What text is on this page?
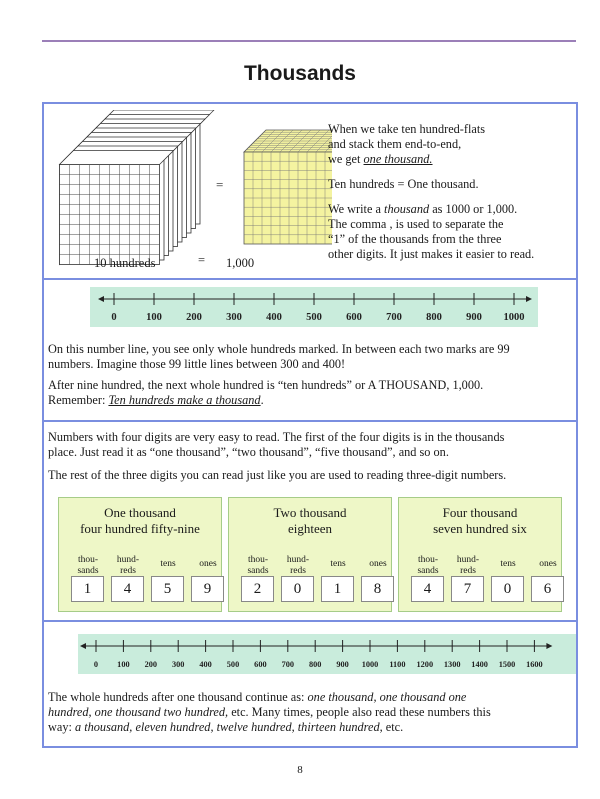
Thousands
=
10 hundreds	= 1,000
When we take ten hundred-flats
and stack them end-to-end,
we get one thousand.
Ten hundreds = One thousand.
We write a thousand as 1000 or 1,000.
The comma , is used to separate the
“1” of the thousands from the three
other digits. It just makes it easier to read.
0	100 200 300 400 500 600 700 800 900 1000
On this number line, you see only whole hundreds marked. In between each two marks are 99
numbers. Imagine those 99 little lines between 300 and 400!
After nine hundred, the next whole hundred is “ten hundreds” or A THOUSAND, 1,000.
Remember: Ten hundreds make a thousand.
Numbers with four digits are very easy to read. The first of the four digits is in the thousands
place. Just read it as “one thousand”, “two thousand”, “five thousand”, and so on.
The rest of the three digits you can read just like you are used to reading three-digit numbers.
One thousand
four hundred fifty-nine
thou-
sands
hund-
reds
tens	ones
1	4	5	9
Two thousand
eighteen
thou-
sands
hund-
reds
tens	ones
2	0	1	8
Four thousand
seven hundred six
thou-
sands
hund-
reds
tens	ones
4	7	0	6
0 100 200 300 400 500 600 700 800 900 1000 1100 1200 1300 1400 1500 1600
The whole hundreds after one thousand continue as: one thousand, one thousand one
hundred, one thousand two hundred, etc. Many times, people also read these numbers this
way: a thousand, eleven hundred, twelve hundred, thirteen hundred, etc.
8
